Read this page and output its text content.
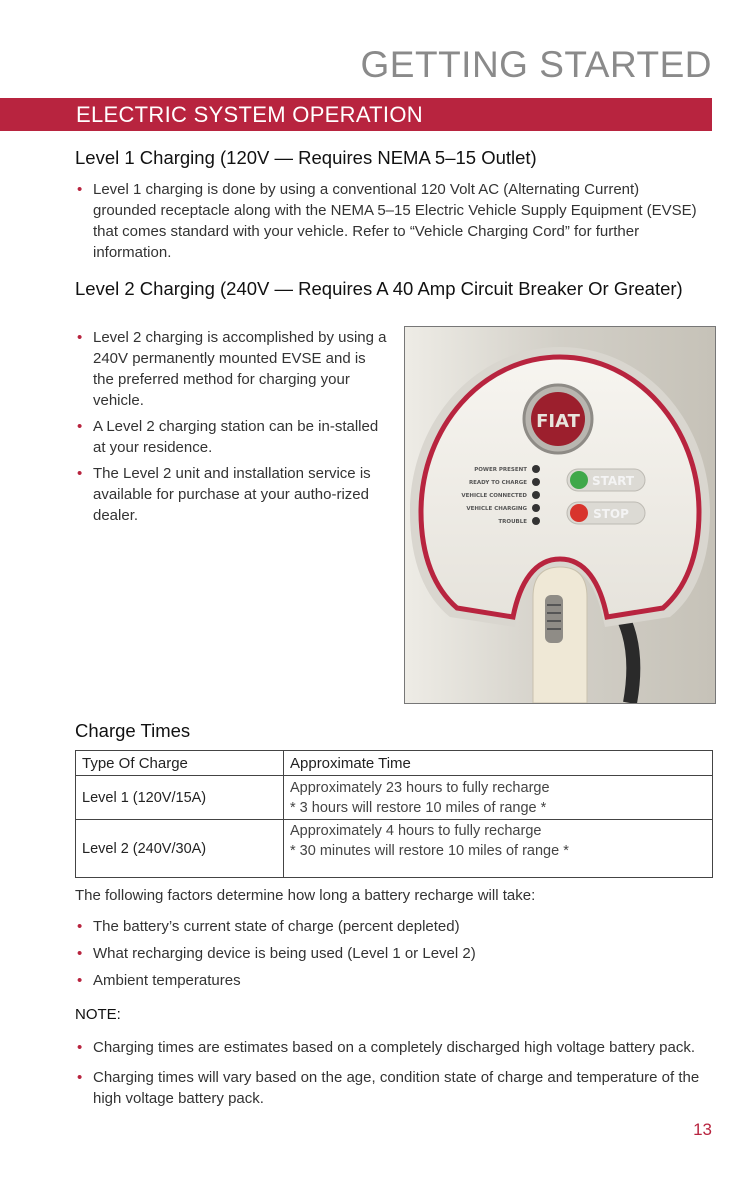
GETTING STARTED
ELECTRIC SYSTEM OPERATION
Level 1 Charging (120V — Requires NEMA 5–15 Outlet)
• Level 1 charging is done by using a conventional 120 Volt AC (Alternating Current) grounded receptacle along with the NEMA 5–15 Electric Vehicle Supply Equipment (EVSE) that comes standard with your vehicle. Refer to “Vehicle Charging Cord” for further information.
Level 2 Charging (240V — Requires A 40 Amp Circuit Breaker Or Greater)
• Level 2 charging is accomplished by using a 240V permanently mounted EVSE and is the preferred method for charging your vehicle.
• A Level 2 charging station can be in-stalled at your residence.
• The Level 2 unit and installation service is available for purchase at your autho-rized dealer.
FIAT
POWER PRESENT
READY TO CHARGE
VEHICLE CONNECTED
VEHICLE CHARGING
TROUBLE
START
STOP
Charge Times
Type Of Charge	Approximate Time
Level 1 (120V/15A)	Approximately 23 hours to fully recharge
* 3 hours will restore 10 miles of range *

Level 2 (240V/30A)	Approximately 4 hours to fully recharge
* 30 minutes will restore 10 miles of range *

The following factors determine how long a battery recharge will take:

• The battery’s current state of charge (percent depleted)
• What recharging device is being used (Level 1 or Level 2)
• Ambient temperatures

NOTE:

• Charging times are estimates based on a completely discharged high voltage battery pack.
• Charging times will vary based on the age, condition state of charge and temperature of the high voltage battery pack.
13
